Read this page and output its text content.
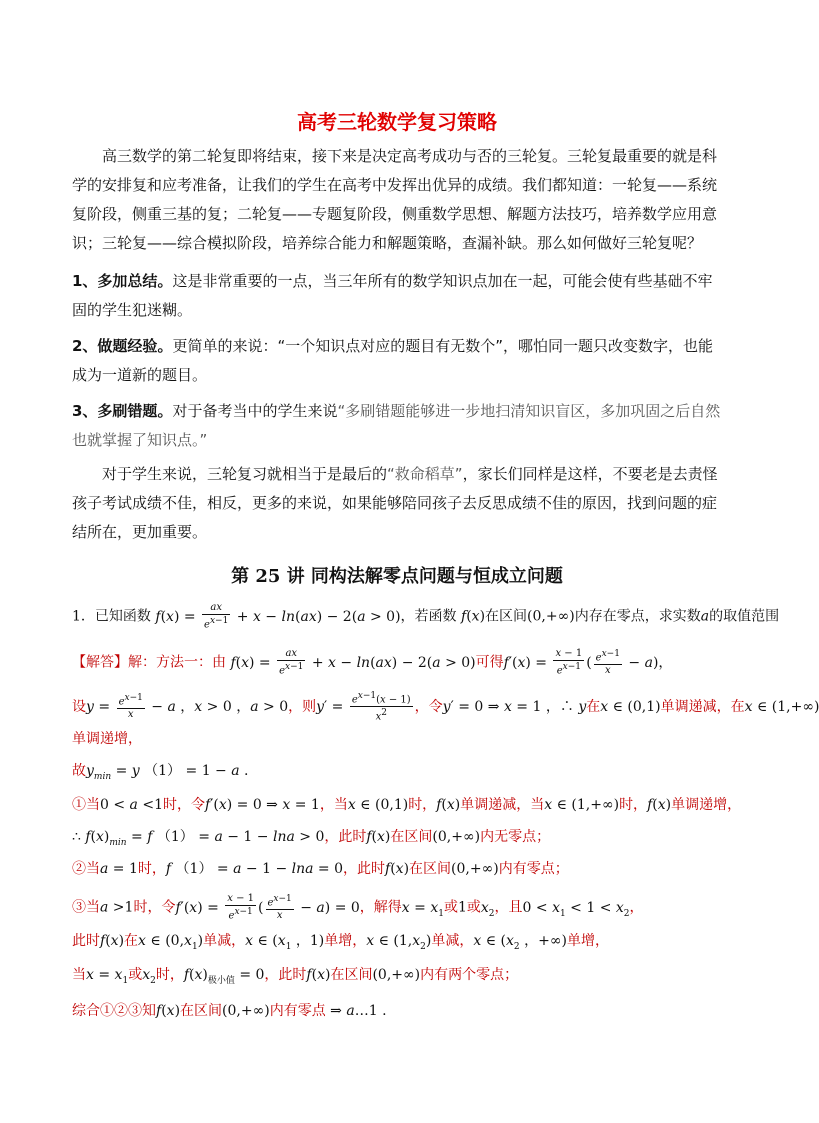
高考三轮数学复习策略

高三数学的第二轮复即将结束，接下来是决定高考成功与否的三轮复。三轮复最重要的就是科学的安排复和应考准备，让我们的学生在高考中发挥出优异的成绩。我们都知道：一轮复——系统复阶段，侧重三基的复；二轮复——专题复阶段，侧重数学思想、解题方法技巧，培养数学应用意识；三轮复——综合模拟阶段，培养综合能力和解题策略，查漏补缺。那么如何做好三轮复呢？

1、多加总结。这是非常重要的一点，当三年所有的数学知识点加在一起，可能会使有些基础不牢固的学生犯迷糊。

2、做题经验。更简单的来说：“一个知识点对应的题目有无数个”，哪怕同一题只改变数字，也能成为一道新的题目。

3、多刷错题。对于备考当中的学生来说“多刷错题能够进一步地扫清知识盲区，多加巩固之后自然也就掌握了知识点。”

对于学生来说，三轮复习就相当于是最后的“救命稻草”，家长们同样是这样，不要老是去责怪孩子考试成绩不佳，相反，更多的来说，如果能够陪同孩子去反思成绩不佳的原因，找到问题的症结所在，更加重要。

第 25 讲 同构法解零点问题与恒成立问题
1．已知函数 $f(x) = \frac{ax}{e^{x-1}} + x - \ln(ax) - 2(a > 0)$，若函数 f(x)在区间(0,+∞)内存在零点，求实数a的取值范围
【解答】解：方法一：由 $f(x) = \frac{ax}{e^{x-1}} + x - \ln(ax) - 2(a > 0)$可得$f'(x) = \frac{x - 1}{e^{x-1}}$ ( $\frac{e^{x-1}}{x} - a$)，
设$y = \frac{e^{x-1}}{x} - a$ ，x > 0 ，a > 0，则$y' = \frac{e^{x-1}(x - 1)}{x^2}$ ，令y′ = 0 ⇒ x = 1 ，∴ y在x ∈ (0,1)单调递减，在x ∈ (1,+∞)
单调递增，
故$y_{min} = y$ （1） = 1 − a .
①当0 < a <1时，令f′(x) = 0 ⇒ x = 1，当x ∈ (0,1)时，f(x)单调递减，当x ∈ (1,+∞)时，f(x)单调递增，
∴ $f(x)_{min} = f$ （1） = a − 1 − lna > 0，此时f(x)在区间(0,+∞)内无零点；
②当a = 1时，f （1） = a − 1 − lna = 0，此时f(x)在区间(0,+∞)内有零点；
③当a >1时，令$f'(x) = \frac{x - 1}{e^{x-1}}$ ( $\frac{e^{x-1}}{x} - a) = 0$，解得$x = x_1$或1或$x_2$，且$0 < x_1 < 1 < x_2$，
此时f(x)在x ∈ $(0,x_1)$单减，x ∈ ($x_1$ ，1)单增，x ∈ $(1,x_2)$单减，x ∈ ($x_2$ ，+∞)单增，
当$x = x_1$或$x_2$时，$f(x)_{极小值} = 0$，此时f(x)在区间(0,+∞)内有两个零点；
综合①②③知f(x)在区间(0,+∞)内有零点 ⇒ a…1 .
